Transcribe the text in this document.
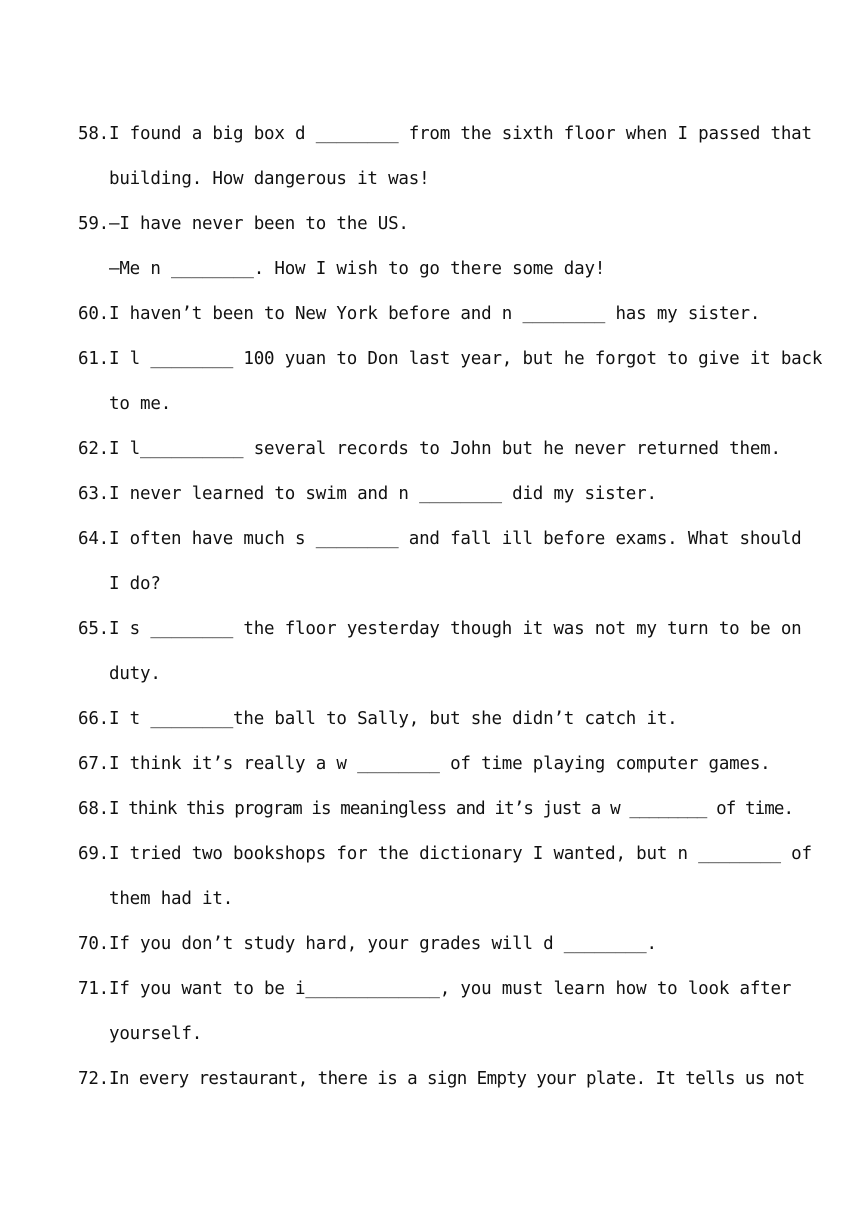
58. I found a big box d ________ from the sixth floor when I passed that
building. How dangerous it was!
59. —I have never been to the US.
—Me n ________. How I wish to go there some day!
60. I haven’t been to New York before and n ________ has my sister.
61. I l ________ 100 yuan to Don last year, but he forgot to give it back
to me.
62. I l__________ several records to John but he never returned them.
63. I never learned to swim and n ________ did my sister.
64. I often have much s ________ and fall ill before exams. What should
I do?
65. I s ________ the floor yesterday though it was not my turn to be on
duty.
66. I t ________the ball to Sally, but she didn’t catch it.
67. I think it’s really a w ________ of time playing computer games.
68. I think this program is meaningless and it’s just a w ________ of time.
69. I tried two bookshops for the dictionary I wanted, but n ________ of
them had it.
70. If you don’t study hard, your grades will d ________.
71. If you want to be i_____________, you must learn how to look after
yourself.
72. In every restaurant, there is a sign Empty your plate. It tells us not
